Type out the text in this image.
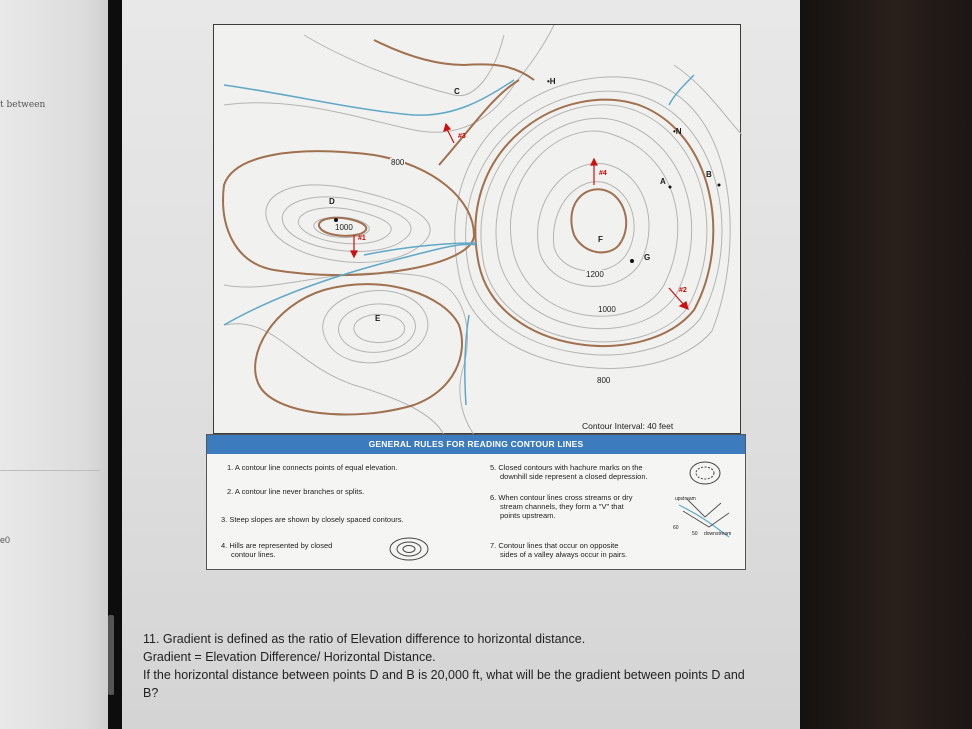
t between
e0
C
•H
•N
D
E
F
G
A
B
800
1000
1200
1000
800
#1
#2
#3
#4
Contour Interval: 40 feet
GENERAL RULES FOR READING CONTOUR LINES
1. A contour line connects points of equal elevation.
2. A contour line never branches or splits.
3. Steep slopes are shown by closely spaced contours.
4. Hills are represented by closed
contour lines.
5. Closed contours with hachure marks on the
downhill side represent a closed depression.
6. When contour lines cross streams or dry
stream channels, they form a "V" that
points upstream.
upstream
downstream
60
50
7. Contour lines that occur on opposite
sides of a valley always occur in pairs.
11. Gradient is defined as the ratio of Elevation difference to horizontal distance.
Gradient = Elevation Difference/ Horizontal Distance.
If the horizontal distance between points D and B is 20,000 ft, what will be the gradient between points D and
B?
